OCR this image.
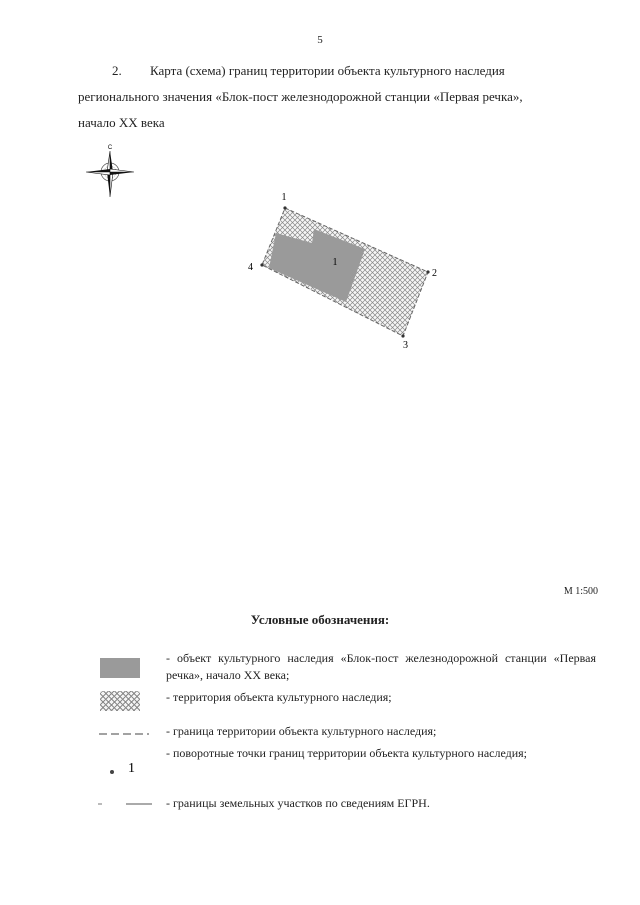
5

2. Карта (схема) границ территории объекта культурного наследия

регионального значения «Блок-пост железнодорожной станции «Первая речка»,

начало XX века

С
1
1
2
3
4
М 1:500
Условные обозначения:
- объект культурного наследия «Блок-пост железнодорожной станции «Первая речка», начало XX века;
- территория объекта культурного наследия;
- граница территории объекта культурного наследия;
1
- поворотные точки границ территории объекта культурного наследия;
- границы земельных участков по сведениям ЕГРН.
